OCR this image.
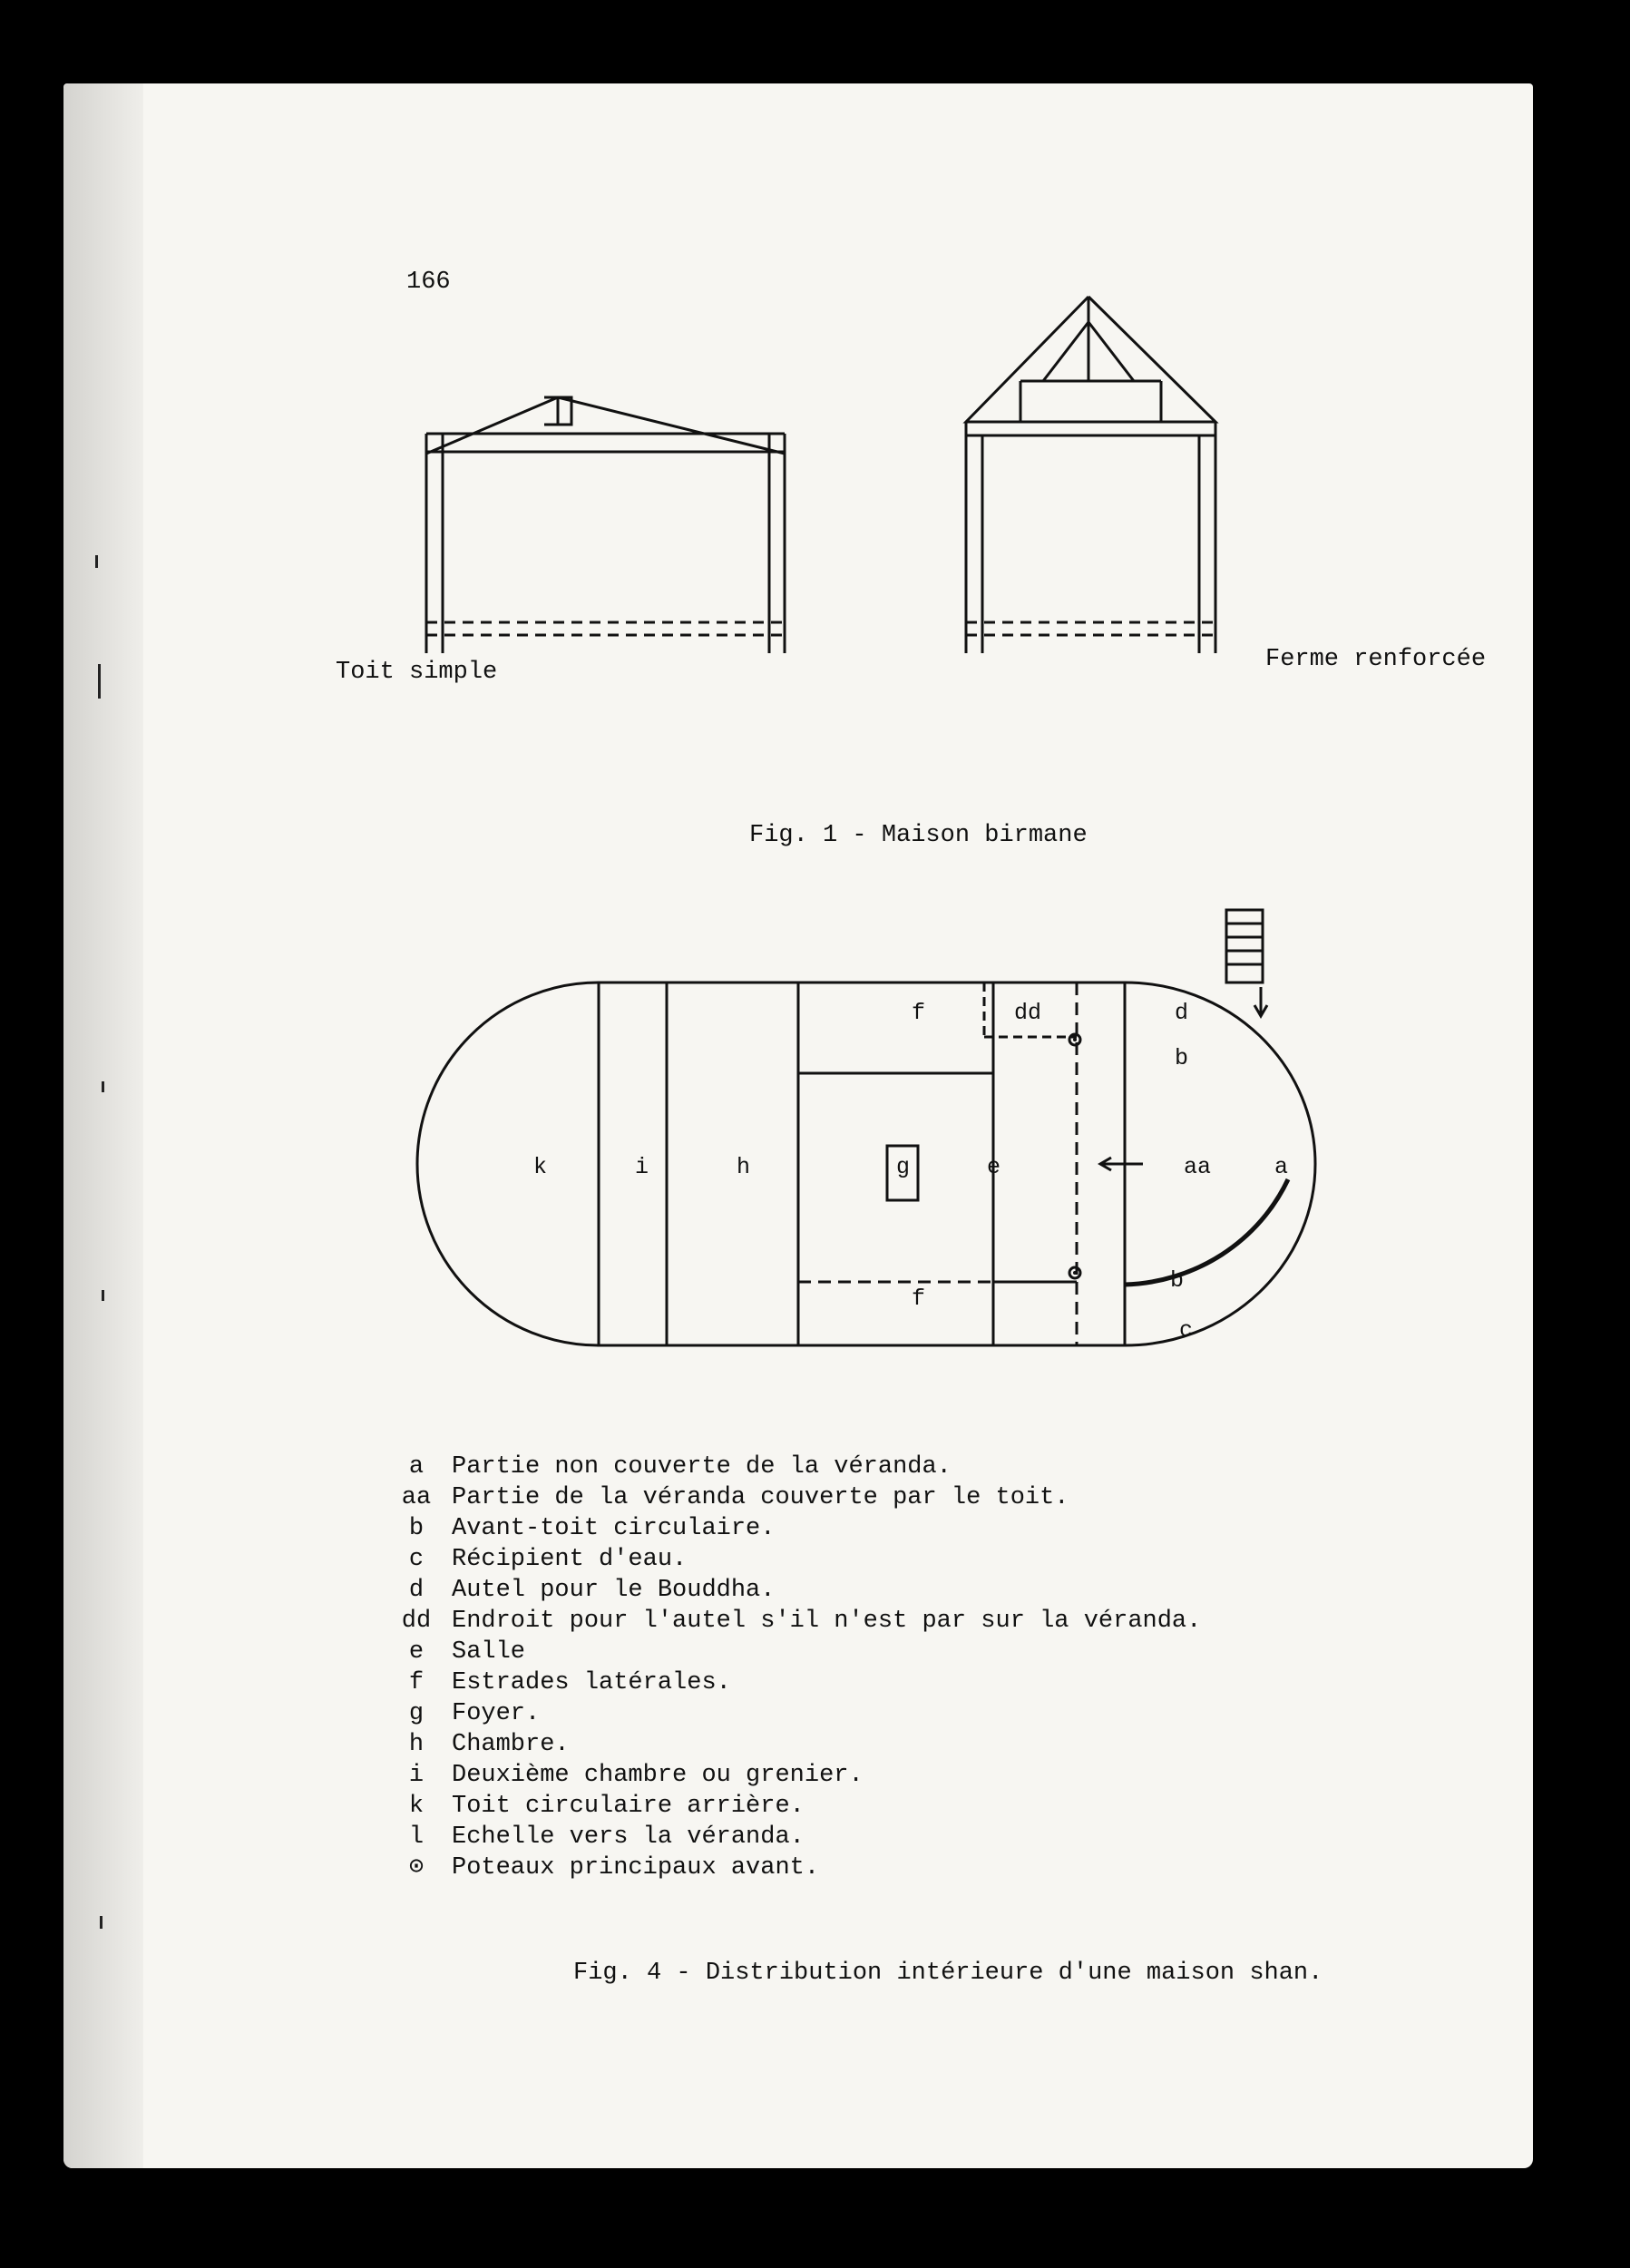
166
k	i	h	g	e	aa	a
f
f
dd	d
b
b
c
Toit simple	Ferme renforcée
Fig. 1 - Maison birmane
a	Partie non couverte de la véranda.
aa Partie de la véranda couverte par le toit.
b	Avant-toit circulaire.
c	Récipient d'eau.
d	Autel pour le Bouddha.
dd Endroit pour l'autel s'il n'est par sur la véranda.
e	Salle
f	Estrades latérales.
g	Foyer.
h	Chambre.
i	Deuxième chambre ou grenier.
k	Toit circulaire arrière.
l	Echelle vers la véranda.
⊙	Poteaux principaux avant.
Fig. 4 - Distribution intérieure d'une maison shan.
